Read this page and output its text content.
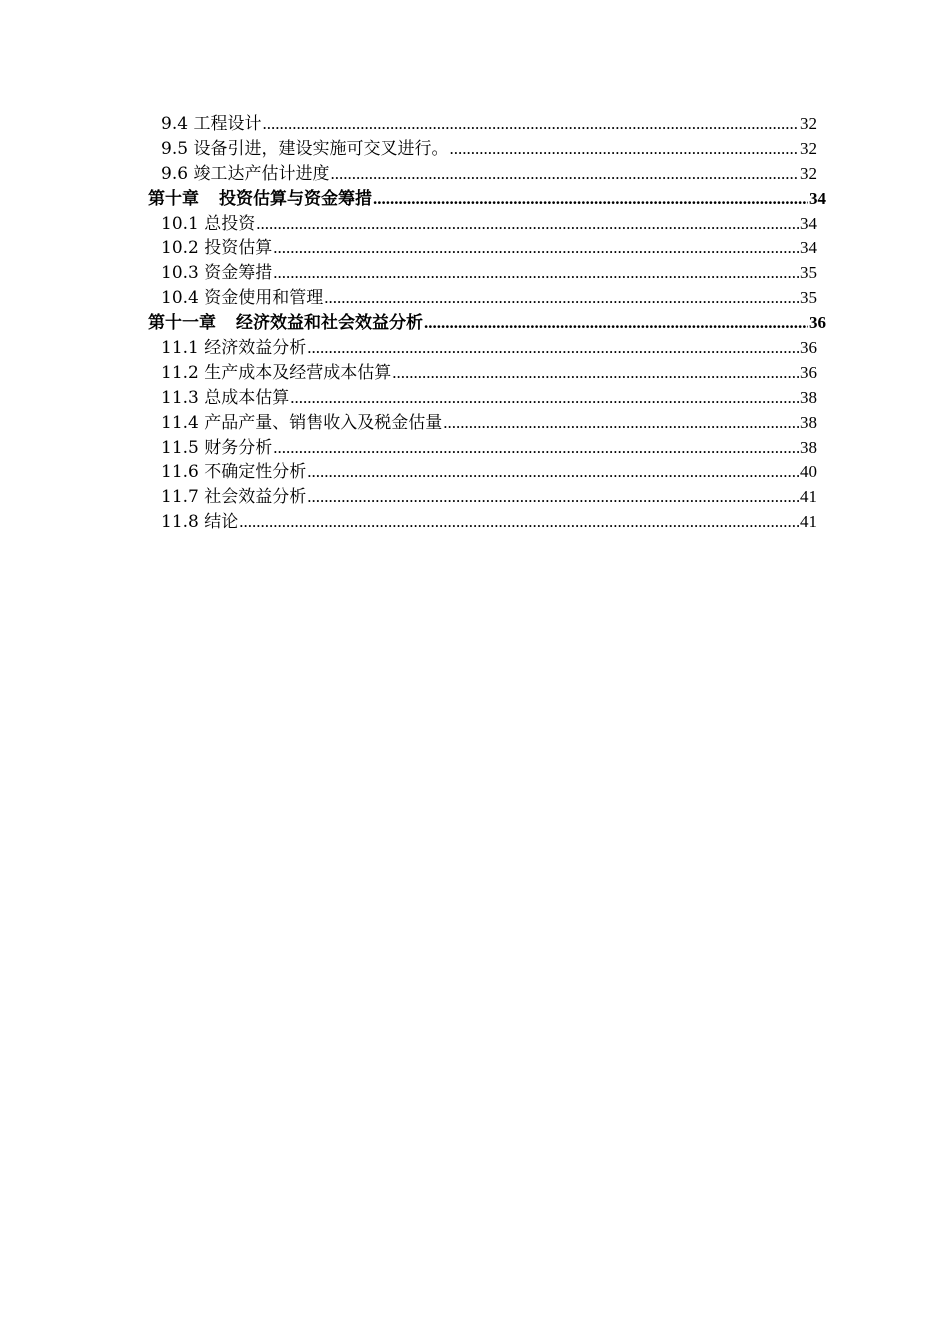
9.4 工程设计 .....	32
9.5 设备引进，建设实施可交叉进行。 .....	32
9.6 竣工达产估计进度 .....	32
第十章 投资估算与资金筹措 .....	34
10.1 总投资 .....	34
10.2 投资估算 .....	34
10.3 资金筹措 .....	35
10.4 资金使用和管理 .....	35
第十一章 经济效益和社会效益分析 .....	36
11.1 经济效益分析 .....	36
11.2 生产成本及经营成本估算 .....	36
11.3 总成本估算 .....	38
11.4 产品产量、销售收入及税金估量 .....	38
11.5 财务分析 .....	38
11.6 不确定性分析 .....	40
11.7 社会效益分析 .....	41
11.8 结论 .....	41
